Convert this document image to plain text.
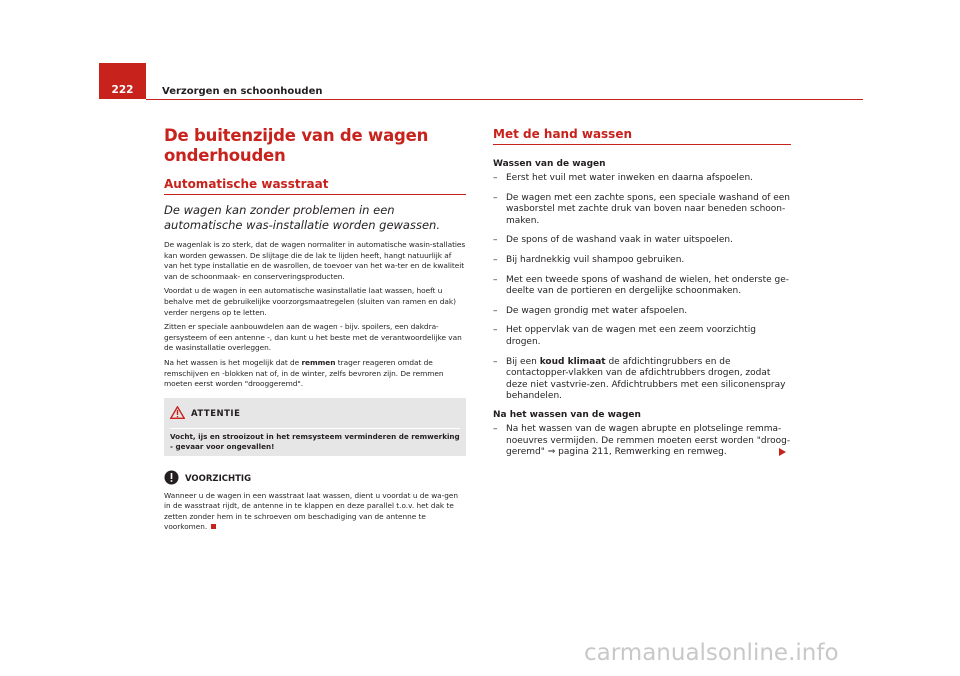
222	Verzorgen en schoonhouden
De buitenzijde van de wagen onderhouden
Automatische wasstraat
De wagen kan zonder problemen in een automatische was-installatie worden gewassen.

De wagenlak is zo sterk, dat de wagen normaliter in automatische wasin-stallaties kan worden gewassen. De slijtage die de lak te lijden heeft, hangt natuurlijk af van het type installatie en de wasrollen, de toevoer van het wa-ter en de kwaliteit van de schoonmaak- en conserveringsproducten.

Voordat u de wagen in een automatische wasinstallatie laat wassen, hoeft u behalve met de gebruikelijke voorzorgsmaatregelen (sluiten van ramen en dak) verder nergens op te letten.

Zitten er speciale aanbouwdelen aan de wagen - bijv. spoilers, een dakdra-gersysteem of een antenne -, dan kunt u het beste met de verantwoordelijke van de wasinstallatie overleggen.

Na het wassen is het mogelijk dat de remmen trager reageren omdat de remschijven en -blokken nat of, in de winter, zelfs bevroren zijn. De remmen moeten eerst worden "drooggeremd".

ATTENTIE

Vocht, ijs en strooizout in het remsysteem verminderen de remwerking - gevaar voor ongevallen!

VOORZICHTIG

Wanneer u de wagen in een wasstraat laat wassen, dient u voordat u de wa-gen in de wasstraat rijdt, de antenne in te klappen en deze parallel t.o.v. het dak te zetten zonder hem in te schroeven om beschadiging van de antenne te voorkomen.

Met de hand wassen
Wassen van de wagen
– Eerst het vuil met water inweken en daarna afspoelen.
– De wagen met een zachte spons, een speciale washand of een wasborstel met zachte druk van boven naar beneden schoon-maken.
– De spons of de washand vaak in water uitspoelen.
– Bij hardnekkig vuil shampoo gebruiken.
– Met een tweede spons of washand de wielen, het onderste ge-deelte van de portieren en dergelijke schoonmaken.
– De wagen grondig met water afspoelen.
– Het oppervlak van de wagen met een zeem voorzichtig drogen.
– Bij een koud klimaat de afdichtingrubbers en de contactopper-vlakken van de afdichtrubbers drogen, zodat deze niet vastvrie-zen. Afdichtrubbers met een siliconenspray behandelen.
Na het wassen van de wagen
– Na het wassen van de wagen abrupte en plotselinge remma-noeuvres vermijden. De remmen moeten eerst worden "droog-geremd" ⇒ pagina 211, Remwerking en remweg.
carmanualsonline.info
